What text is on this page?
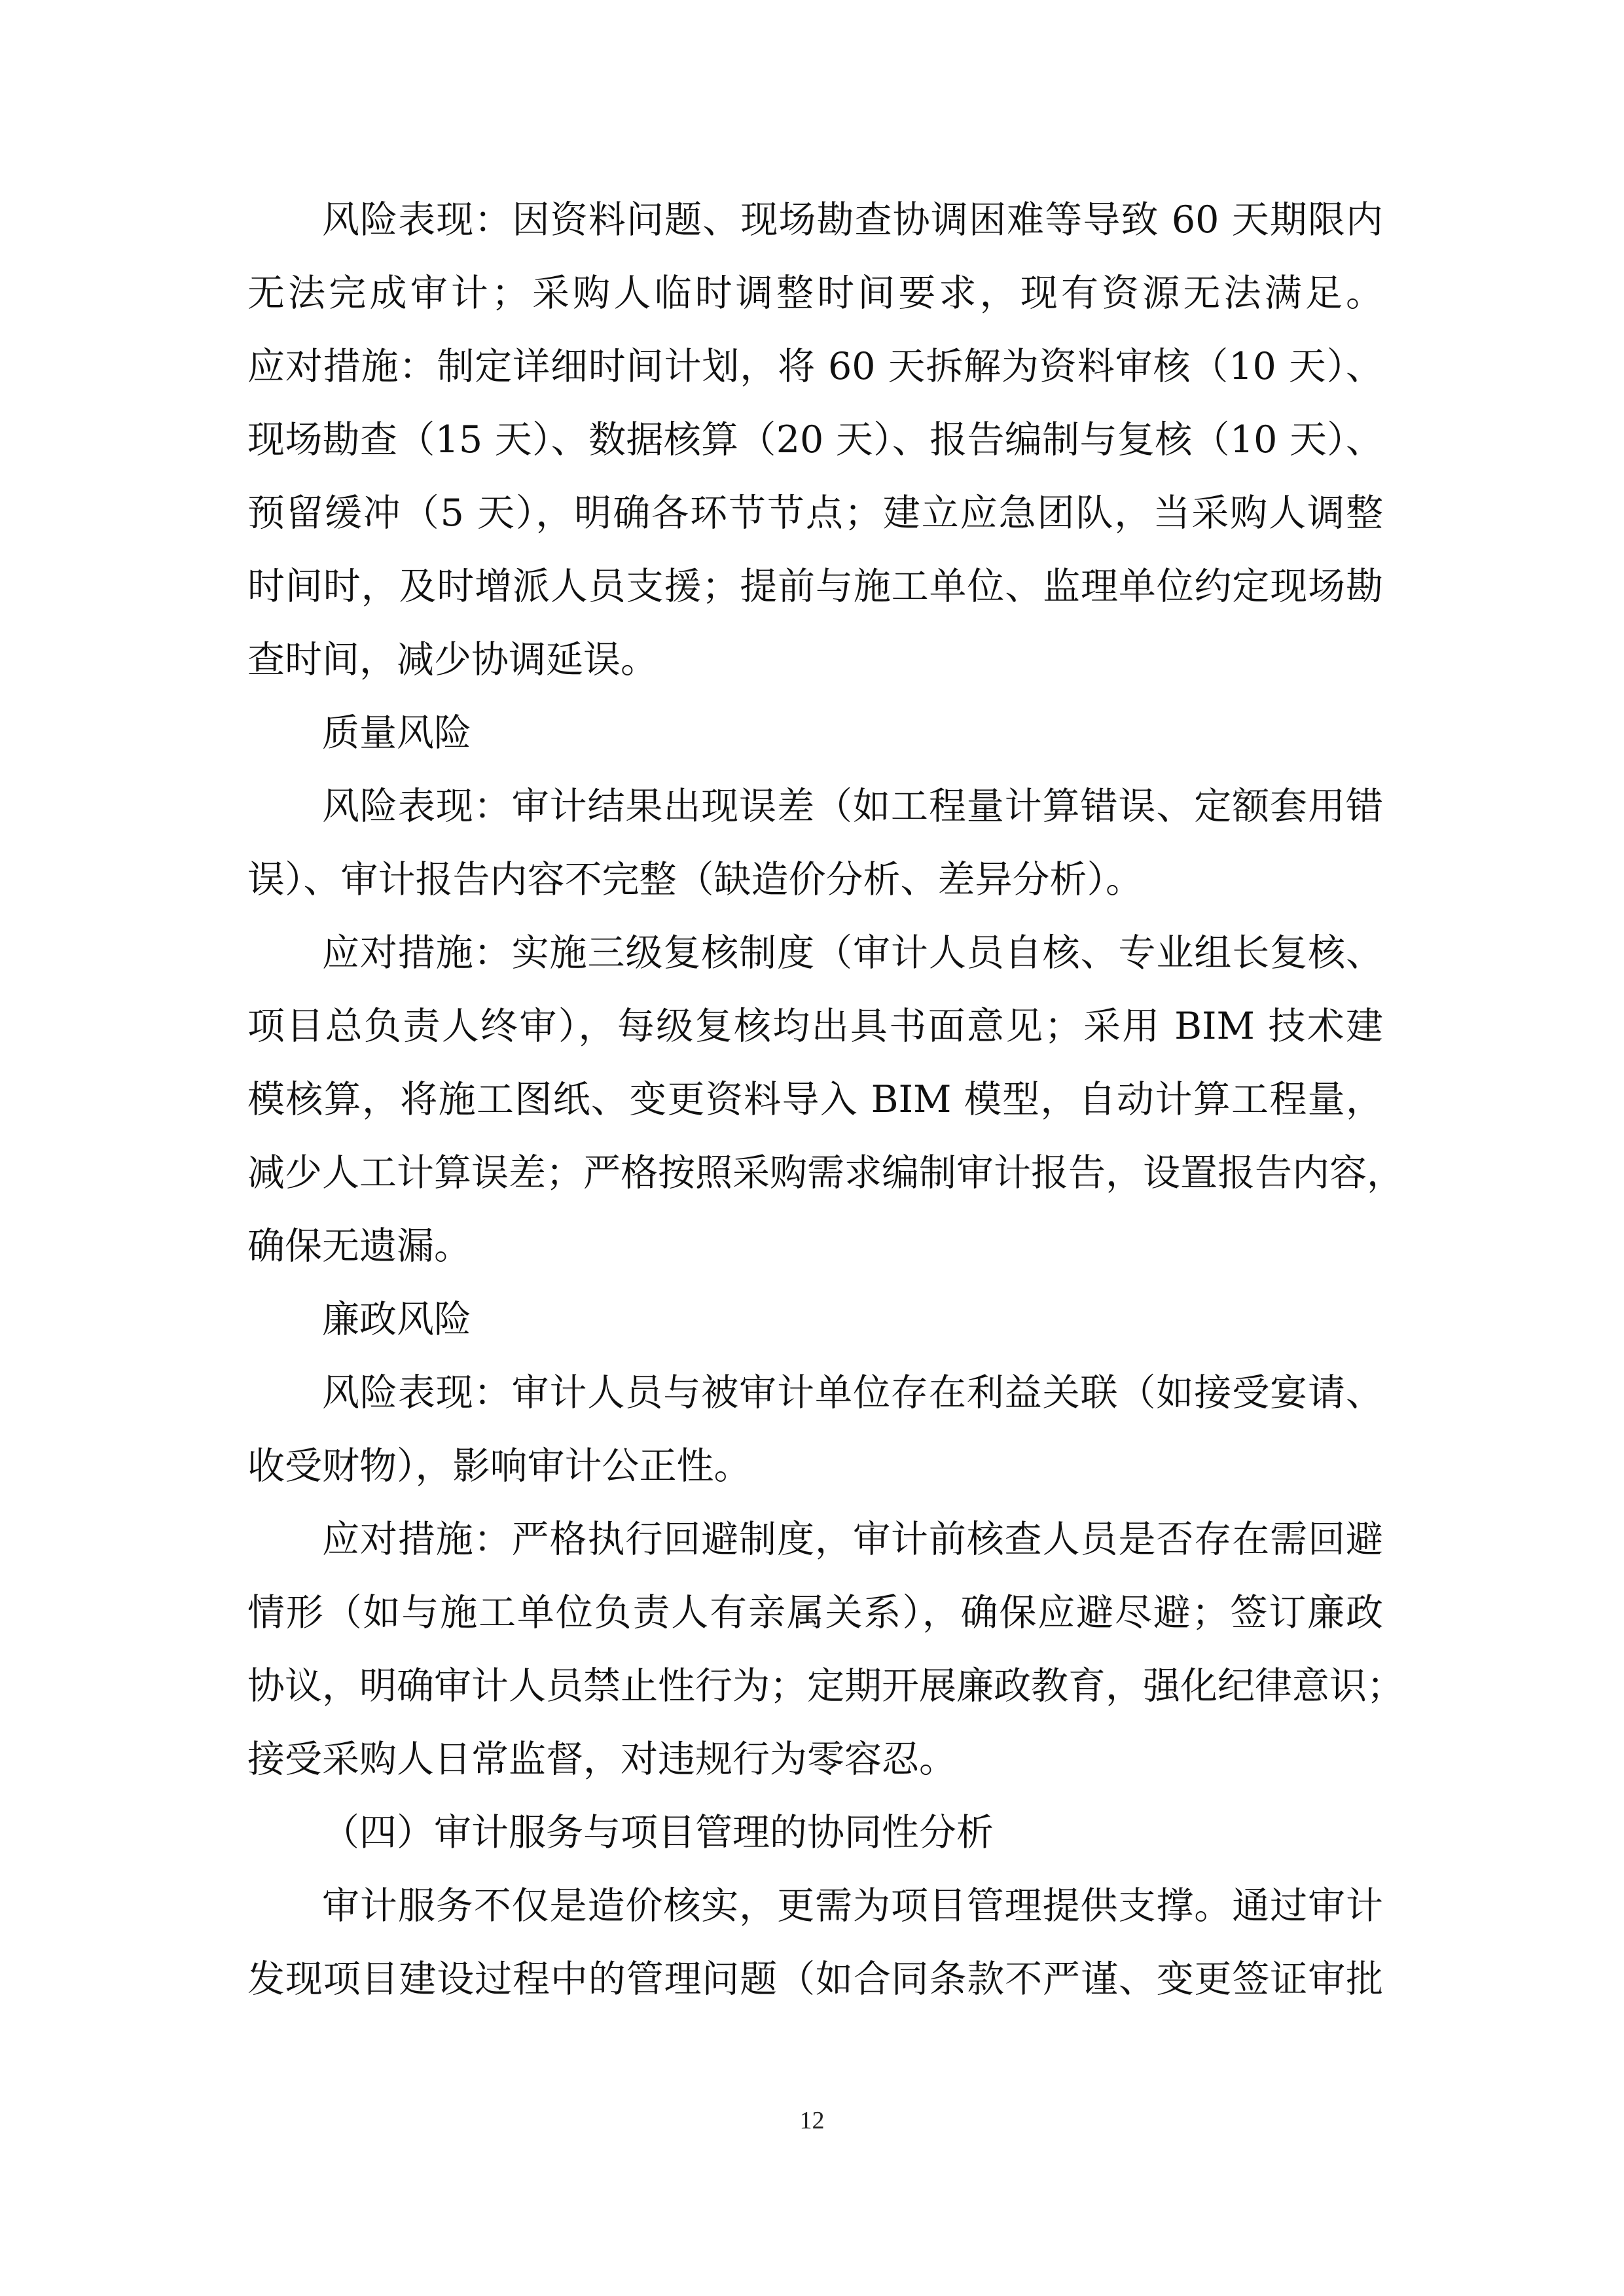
风险表现：因资料问题、现场勘查协调困难等导致 60 天期限内
无法完成审计；采购人临时调整时间要求，现有资源无法满足。
应对措施：制定详细时间计划，将 60 天拆解为资料审核（10 天）、
现场勘查（15 天）、数据核算（20 天）、报告编制与复核（10 天）、
预留缓冲（5 天），明确各环节节点；建立应急团队，当采购人调整
时间时，及时增派人员支援；提前与施工单位、监理单位约定现场勘
查时间，减少协调延误。
质量风险
风险表现：审计结果出现误差（如工程量计算错误、定额套用错
误）、审计报告内容不完整（缺造价分析、差异分析）。
应对措施：实施三级复核制度（审计人员自核、专业组长复核、
项目总负责人终审），每级复核均出具书面意见；采用 BIM 技术建
模核算，将施工图纸、变更资料导入 BIM 模型，自动计算工程量，
减少人工计算误差；严格按照采购需求编制审计报告，设置报告内容，
确保无遗漏。
廉政风险
风险表现：审计人员与被审计单位存在利益关联（如接受宴请、
收受财物），影响审计公正性。
应对措施：严格执行回避制度，审计前核查人员是否存在需回避
情形（如与施工单位负责人有亲属关系），确保应避尽避；签订廉政
协议，明确审计人员禁止性行为；定期开展廉政教育，强化纪律意识；
接受采购人日常监督，对违规行为零容忍。
（四）审计服务与项目管理的协同性分析
审计服务不仅是造价核实，更需为项目管理提供支撑。通过审计
发现项目建设过程中的管理问题（如合同条款不严谨、变更签证审批
12
